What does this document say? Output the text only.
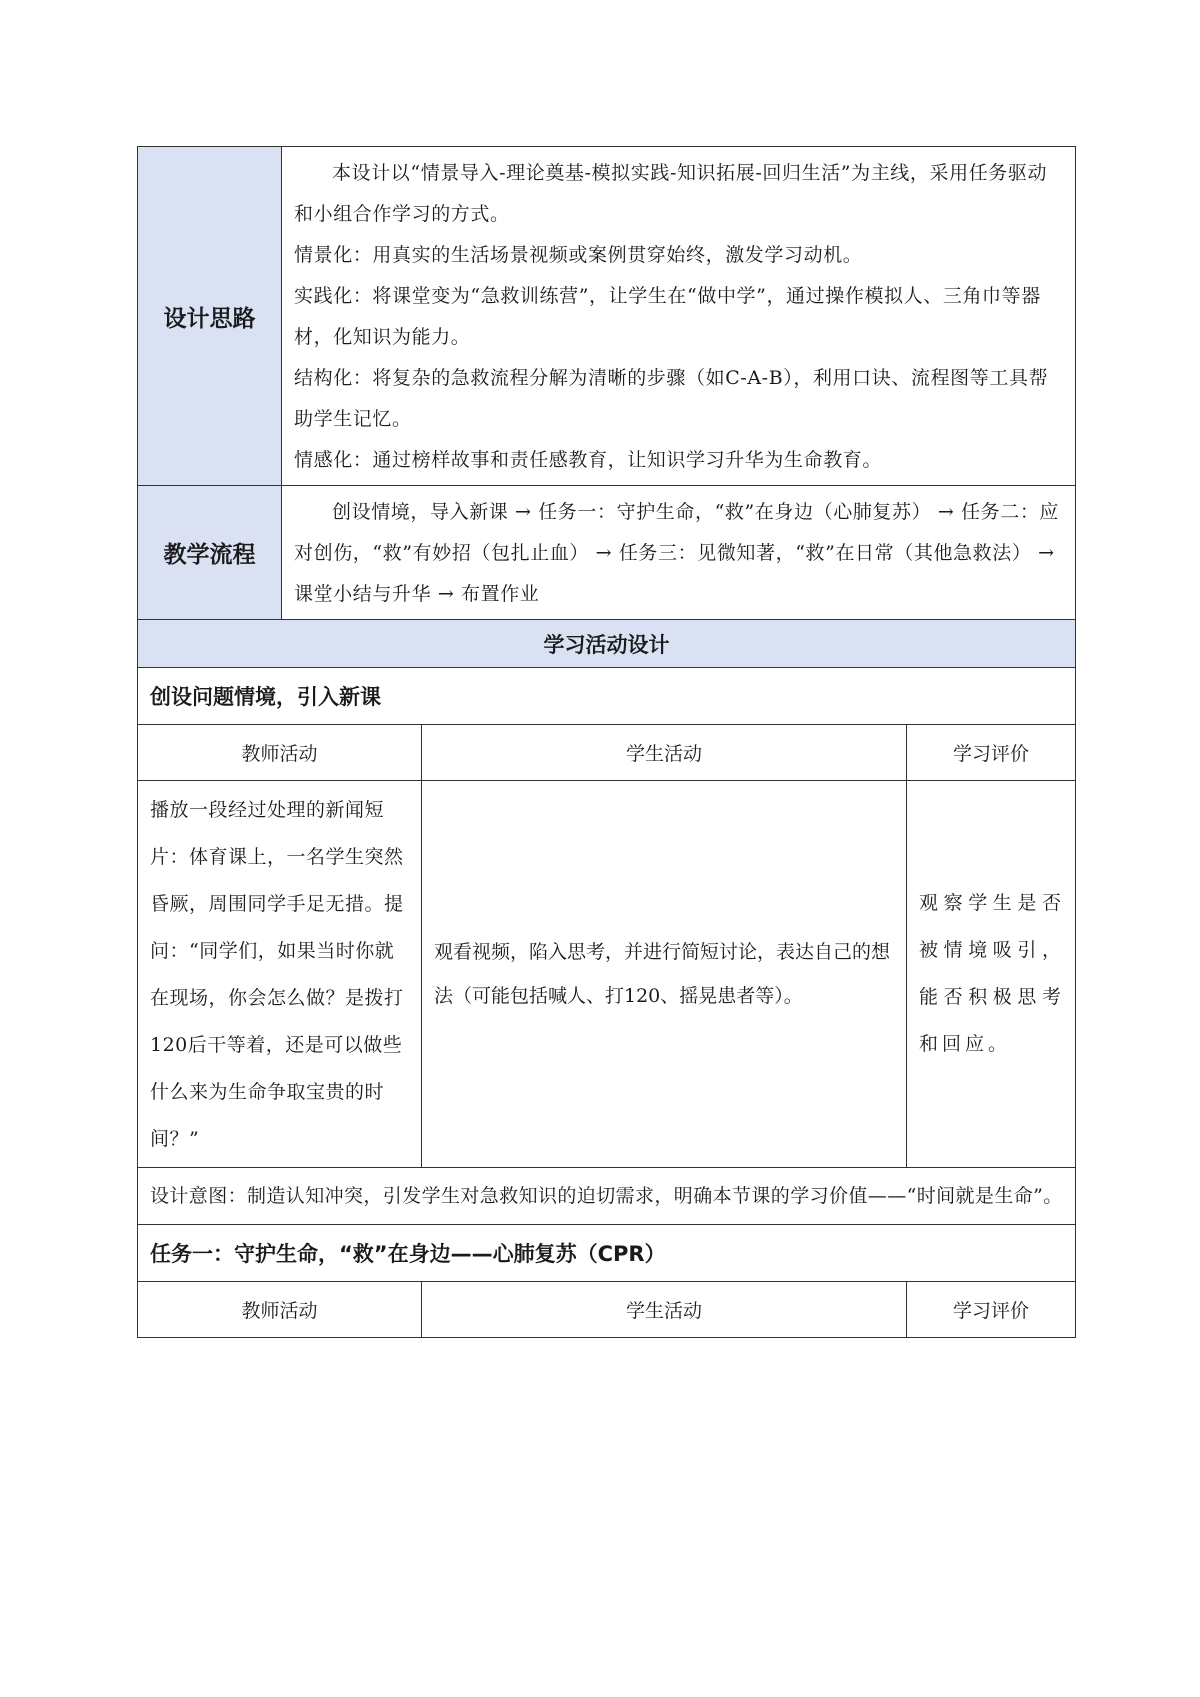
设计思路	本设计以“情景导入-理论奠基-模拟实践-知识拓展-回归生活”为主线，采用任务驱动和小组合作学习的方式。

情景化：用真实的生活场景视频或案例贯穿始终，激发学习动机。

实践化：将课堂变为“急救训练营”，让学生在“做中学”，通过操作模拟人、三角巾等器材，化知识为能力。

结构化：将复杂的急救流程分解为清晰的步骤（如C-A-B），利用口诀、流程图等工具帮助学生记忆。

情感化：通过榜样故事和责任感教育，让知识学习升华为生命教育。		

教学流程	创设情境，导入新课 → 任务一：守护生命，“救”在身边（心肺复苏） → 任务二：应对创伤，“救”有妙招（包扎止血） → 任务三：见微知著，“救”在日常（其他急救法） → 课堂小结与升华 → 布置作业		

学习活动设计			
创设问题情境，引入新课			
教师活动		学生活动	学习评价
播放一段经过处理的新闻短片：体育课上，一名学生突然昏厥，周围同学手足无措。提问：“同学们，如果当时你就在现场，你会怎么做？是拨打120后干等着，还是可以做些什么来为生命争取宝贵的时间？”		观看视频，陷入思考，并进行简短讨论，表达自己的想法（可能包括喊人、打120、摇晃患者等）。	观察学生是否被情境吸引，能否积极思考和回应。
设计意图：制造认知冲突，引发学生对急救知识的迫切需求，明确本节课的学习价值——“时间就是生命”。			
任务一：守护生命，“救”在身边——心肺复苏（CPR）			
教师活动		学生活动	学习评价
